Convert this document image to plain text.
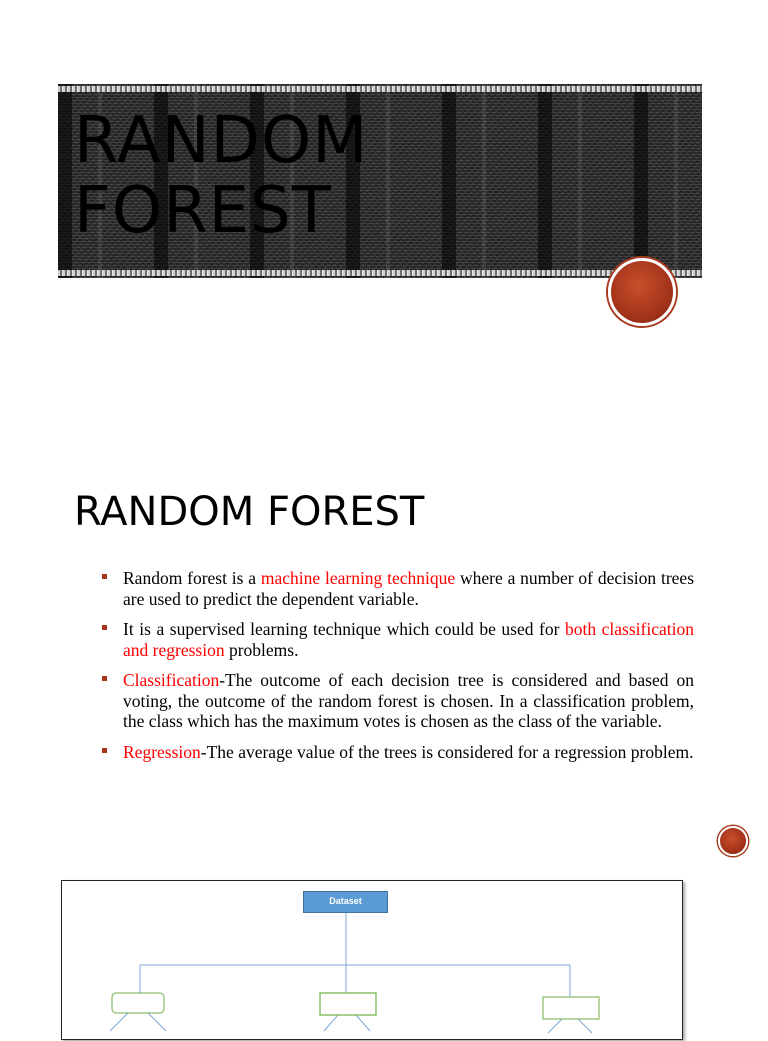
RANDOM
FOREST
RANDOM FOREST
Random forest is a machine learning technique where a number of decision trees are used to predict the dependent variable.
It is a supervised learning technique which could be used for both classification and regression problems.
Classification-The outcome of each decision tree is considered and based on voting, the outcome of the random forest is chosen. In a classification problem, the class which has the maximum votes is chosen as the class of the variable.
Regression-The average value of the trees is considered for a regression problem.
Dataset
